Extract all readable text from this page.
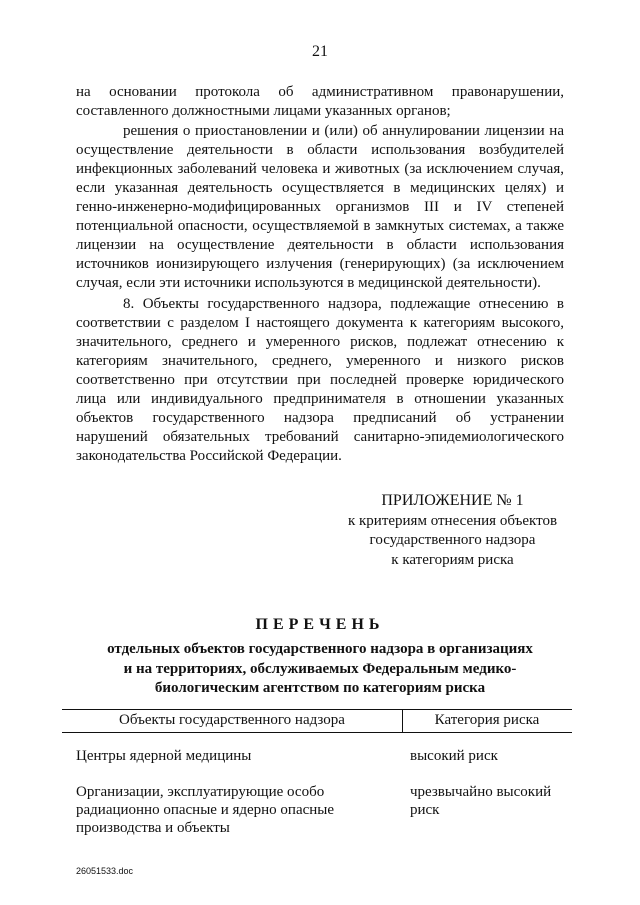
21
на основании протокола об административном правонарушении,
составленного должностными лицами указанных органов;
решения о приостановлении и (или) об аннулировании лицензии на
осуществление деятельности в области использования возбудителей
инфекционных заболеваний человека и животных (за исключением случая,
если указанная деятельность осуществляется в медицинских целях) и
генно-инженерно-модифицированных организмов III и IV степеней
потенциальной опасности, осуществляемой в замкнутых системах, а также
лицензии на осуществление деятельности в области использования
источников ионизирующего излучения (генерирующих) (за исключением
случая, если эти источники используются в медицинской деятельности).
8. Объекты государственного надзора, подлежащие отнесению в
соответствии с разделом I настоящего документа к категориям высокого,
значительного, среднего и умеренного рисков, подлежат отнесению к
категориям значительного, среднего, умеренного и низкого рисков
соответственно при отсутствии при последней проверке юридического
лица или индивидуального предпринимателя в отношении указанных
объектов государственного надзора предписаний об устранении
нарушений обязательных требований санитарно-эпидемиологического
законодательства Российской Федерации.
ПРИЛОЖЕНИЕ № 1
к критериям отнесения объектов
государственного надзора
к категориям риска
ПЕРЕЧЕНЬ
отдельных объектов государственного надзора в организациях
и на территориях, обслуживаемых Федеральным медико-
биологическим агентством по категориям риска
Объекты государственного надзора	Категория риска
Центры ядерной медицины	высокий риск
Организации, эксплуатирующие особо
радиационно опасные и ядерно опасные
производства и объекты
чрезвычайно высокий
риск
26051533.doc
